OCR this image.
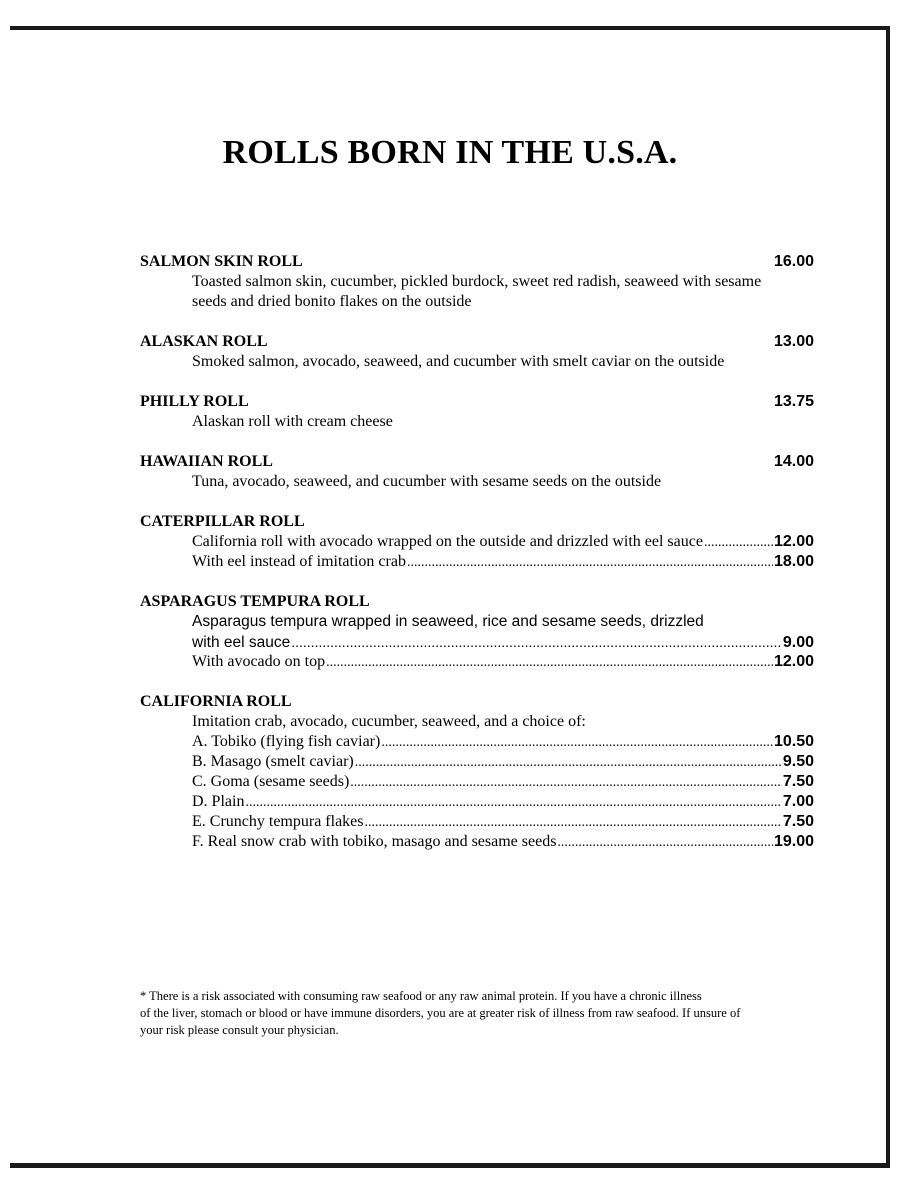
ROLLS BORN IN THE U.S.A.
SALMON SKIN ROLL	16.00
Toasted salmon skin, cucumber, pickled burdock, sweet red radish, seaweed with sesame
seeds and dried bonito flakes on the outside
ALASKAN ROLL	13.00
Smoked salmon, avocado, seaweed, and cucumber with smelt caviar on the outside
PHILLY ROLL	13.75
Alaskan roll with cream cheese
HAWAIIAN ROLL	14.00
Tuna, avocado, seaweed, and cucumber with sesame seeds on the outside
CATERPILLAR ROLL
California roll with avocado wrapped on the outside and drizzled with eel sauce .....	12.00
With eel instead of imitation crab .....	18.00
ASPARAGUS TEMPURA ROLL
Asparagus tempura wrapped in seaweed, rice and sesame seeds, drizzled
with eel sauce .....	9.00
With avocado on top .....	12.00
CALIFORNIA ROLL
Imitation crab, avocado, cucumber, seaweed, and a choice of:
A. Tobiko (flying fish caviar) .....	10.50
B. Masago (smelt caviar) .....	9.50
C. Goma (sesame seeds) .....	7.50
D. Plain .....	7.00
E. Crunchy tempura flakes .....	7.50
F. Real snow crab with tobiko, masago and sesame seeds .....	19.00

* There is a risk associated with consuming raw seafood or any raw animal protein. If you have a chronic illness
of the liver, stomach or blood or have immune disorders, you are at greater risk of illness from raw seafood. If unsure of
your risk please consult your physician.
